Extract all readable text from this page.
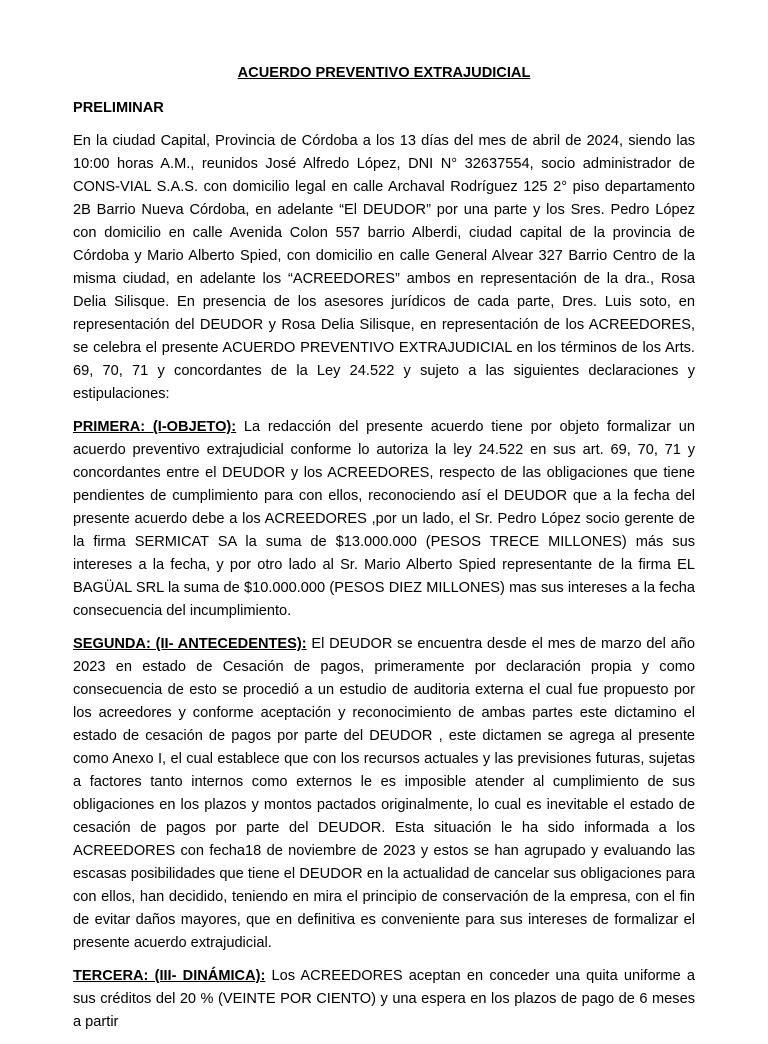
ACUERDO PREVENTIVO EXTRAJUDICIAL

PRELIMINAR

En la ciudad Capital, Provincia de Córdoba a los 13 días del mes de abril de 2024, siendo las 10:00 horas A.M., reunidos José Alfredo López, DNI N° 32637554, socio administrador de CONS-VIAL S.A.S. con domicilio legal en calle Archaval Rodríguez 125 2° piso departamento 2B Barrio Nueva Córdoba, en adelante “El DEUDOR” por una parte y los Sres. Pedro López con domicilio en calle Avenida Colon 557 barrio Alberdi, ciudad capital de la provincia de Córdoba y Mario Alberto Spied, con domicilio en calle General Alvear 327 Barrio Centro de la misma ciudad, en adelante los “ACREEDORES” ambos en representación de la dra., Rosa Delia Silisque. En presencia de los asesores jurídicos de cada parte, Dres. Luis soto, en representación del DEUDOR y Rosa Delia Silisque, en representación de los ACREEDORES, se celebra el presente ACUERDO PREVENTIVO EXTRAJUDICIAL en los términos de los Arts. 69, 70, 71 y concordantes de la Ley 24.522 y sujeto a las siguientes declaraciones y estipulaciones:

PRIMERA: (I-OBJETO): La redacción del presente acuerdo tiene por objeto formalizar un acuerdo preventivo extrajudicial conforme lo autoriza la ley 24.522 en sus art. 69, 70, 71 y concordantes entre el DEUDOR y los ACREEDORES, respecto de las obligaciones que tiene pendientes de cumplimiento para con ellos, reconociendo así el DEUDOR que a la fecha del presente acuerdo debe a los ACREEDORES ,por un lado, el Sr. Pedro López socio gerente de la firma SERMICAT SA la suma de $13.000.000 (PESOS TRECE MILLONES) más sus intereses a la fecha, y por otro lado al Sr. Mario Alberto Spied representante de la firma EL BAGÜAL SRL la suma de $10.000.000 (PESOS DIEZ MILLONES) mas sus intereses a la fecha consecuencia del incumplimiento.

SEGUNDA: (II- ANTECEDENTES): El DEUDOR se encuentra desde el mes de marzo del año 2023 en estado de Cesación de pagos, primeramente por declaración propia y como consecuencia de esto se procedió a un estudio de auditoria externa el cual fue propuesto por los acreedores y conforme aceptación y reconocimiento de ambas partes este dictamino el estado de cesación de pagos por parte del DEUDOR , este dictamen se agrega al presente como Anexo I, el cual establece que con los recursos actuales y las previsiones futuras, sujetas a factores tanto internos como externos le es imposible atender al cumplimiento de sus obligaciones en los plazos y montos pactados originalmente, lo cual es inevitable el estado de cesación de pagos por parte del DEUDOR. Esta situación le ha sido informada a los ACREEDORES con fecha18 de noviembre de 2023 y estos se han agrupado y evaluando las escasas posibilidades que tiene el DEUDOR en la actualidad de cancelar sus obligaciones para con ellos, han decidido, teniendo en mira el principio de conservación de la empresa, con el fin de evitar daños mayores, que en definitiva es conveniente para sus intereses de formalizar el presente acuerdo extrajudicial.

TERCERA: (III- DINÁMICA): Los ACREEDORES aceptan en conceder una quita uniforme a sus créditos del 20 % (VEINTE POR CIENTO) y una espera en los plazos de pago de 6 meses a partir
